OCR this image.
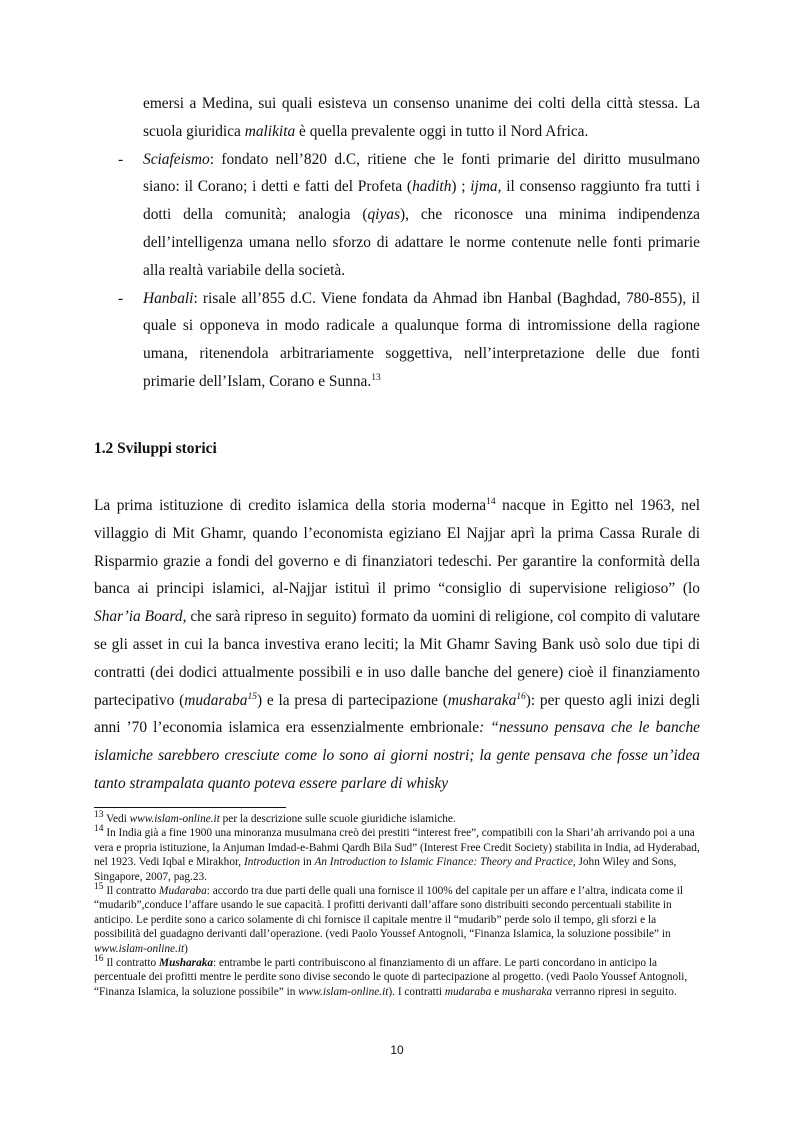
emersi a Medina, sui quali esisteva un consenso unanime dei colti della città stessa. La scuola giuridica malikita è quella prevalente oggi in tutto il Nord Africa.
- Sciafeismo: fondato nell’820 d.C, ritiene che le fonti primarie del diritto musulmano siano: il Corano; i detti e fatti del Profeta (hadith) ; ijma, il consenso raggiunto fra tutti i dotti della comunità; analogia (qiyas), che riconosce una minima indipendenza dell’intelligenza umana nello sforzo di adattare le norme contenute nelle fonti primarie alla realtà variabile della società.
- Hanbali: risale all’855 d.C. Viene fondata da Ahmad ibn Hanbal (Baghdad, 780-855), il quale si opponeva in modo radicale a qualunque forma di intromissione della ragione umana, ritenendola arbitrariamente soggettiva, nell’interpretazione delle due fonti primarie dell’Islam, Corano e Sunna.$^{13}$
1.2 Sviluppi storici
La prima istituzione di credito islamica della storia moderna$^{14}$ nacque in Egitto nel 1963, nel villaggio di Mit Ghamr, quando l’economista egiziano El Najjar aprì la prima Cassa Rurale di Risparmio grazie a fondi del governo e di finanziatori tedeschi. Per garantire la conformità della banca ai principi islamici, al-Najjar istituì il primo “consiglio di supervisione religioso” (lo Shar’ia Board, che sarà ripreso in seguito) formato da uomini di religione, col compito di valutare se gli asset in cui la banca investiva erano leciti; la Mit Ghamr Saving Bank usò solo due tipi di contratti (dei dodici attualmente possibili e in uso dalle banche del genere) cioè il finanziamento partecipativo (mudaraba$^{15}$) e la presa di partecipazione (musharaka$^{16}$): per questo agli inizi degli anni ’70 l’economia islamica era essenzialmente embrionale: “nessuno pensava che le banche islamiche sarebbero cresciute come lo sono ai giorni nostri; la gente pensava che fosse un’idea tanto strampalata quanto poteva essere parlare di whisky

$^{13}$ Vedi www.islam-online.it per la descrizione sulle scuole giuridiche islamiche.

$^{14}$ In India già a fine 1900 una minoranza musulmana creò dei prestiti “interest free”, compatibili con la Shari’ah arrivando poi a una vera e propria istituzione, la Anjuman Imdad-e-Bahmi Qardh Bila Sud” (Interest Free Credit Society) stabilita in India, ad Hyderabad, nel 1923. Vedi Iqbal e Mirakhor, Introduction in An Introduction to Islamic Finance: Theory and Practice, John Wiley and Sons, Singapore, 2007, pag.23.

$^{15}$ Il contratto Mudaraba: accordo tra due parti delle quali una fornisce il 100% del capitale per un affare e l’altra, indicata come il “mudarib”,conduce l’affare usando le sue capacità. I profitti derivanti dall’affare sono distribuiti secondo percentuali stabilite in anticipo. Le perdite sono a carico solamente di chi fornisce il capitale mentre il “mudarib” perde solo il tempo, gli sforzi e la possibilità del guadagno derivanti dall’operazione. (vedi Paolo Youssef Antognoli, “Finanza Islamica, la soluzione possibile” in www.islam-online.it)

$^{16}$ Il contratto Musharaka: entrambe le parti contribuiscono al finanziamento di un affare. Le parti concordano in anticipo la percentuale dei profitti mentre le perdite sono divise secondo le quote di partecipazione al progetto. (vedi Paolo Youssef Antognoli, “Finanza Islamica, la soluzione possibile” in www.islam-online.it). I contratti mudaraba e musharaka verranno ripresi in seguito.

10
